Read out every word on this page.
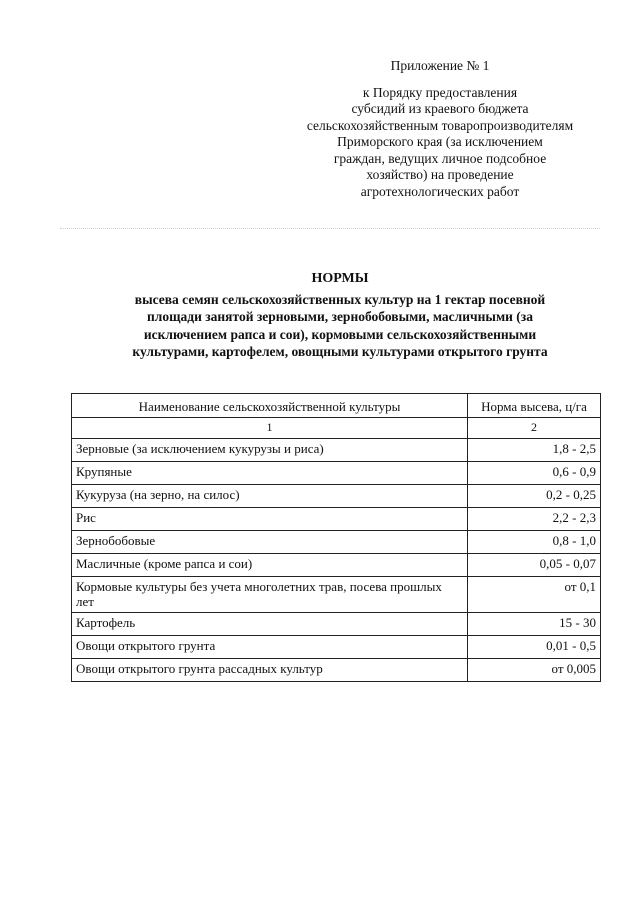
Приложение № 1
к Порядку предоставления
субсидий из краевого бюджета
сельскохозяйственным товаропроизводителям
Приморского края (за исключением
граждан, ведущих личное подсобное
хозяйство) на проведение
агротехнологических работ
НОРМЫ
высева семян сельскохозяйственных культур на 1 гектар посевной
площади занятой зерновыми, зернобобовыми, масличными (за
исключением рапса и сои), кормовыми сельскохозяйственными
культурами, картофелем, овощными культурами открытого грунта
Наименование сельскохозяйственной культуры	Норма высева, ц/га
1	2
Зерновые (за исключением кукурузы и риса)	1,8 - 2,5
Крупяные	0,6 - 0,9
Кукуруза (на зерно, на силос)	0,2 - 0,25
Рис	2,2 - 2,3
Зернобобовые	0,8 - 1,0
Масличные (кроме рапса и сои)	0,05 - 0,07
Кормовые культуры без учета многолетних трав, посева прошлых лет	от 0,1
Картофель	15 - 30
Овощи открытого грунта	0,01 - 0,5
Овощи открытого грунта рассадных культур	от 0,005
